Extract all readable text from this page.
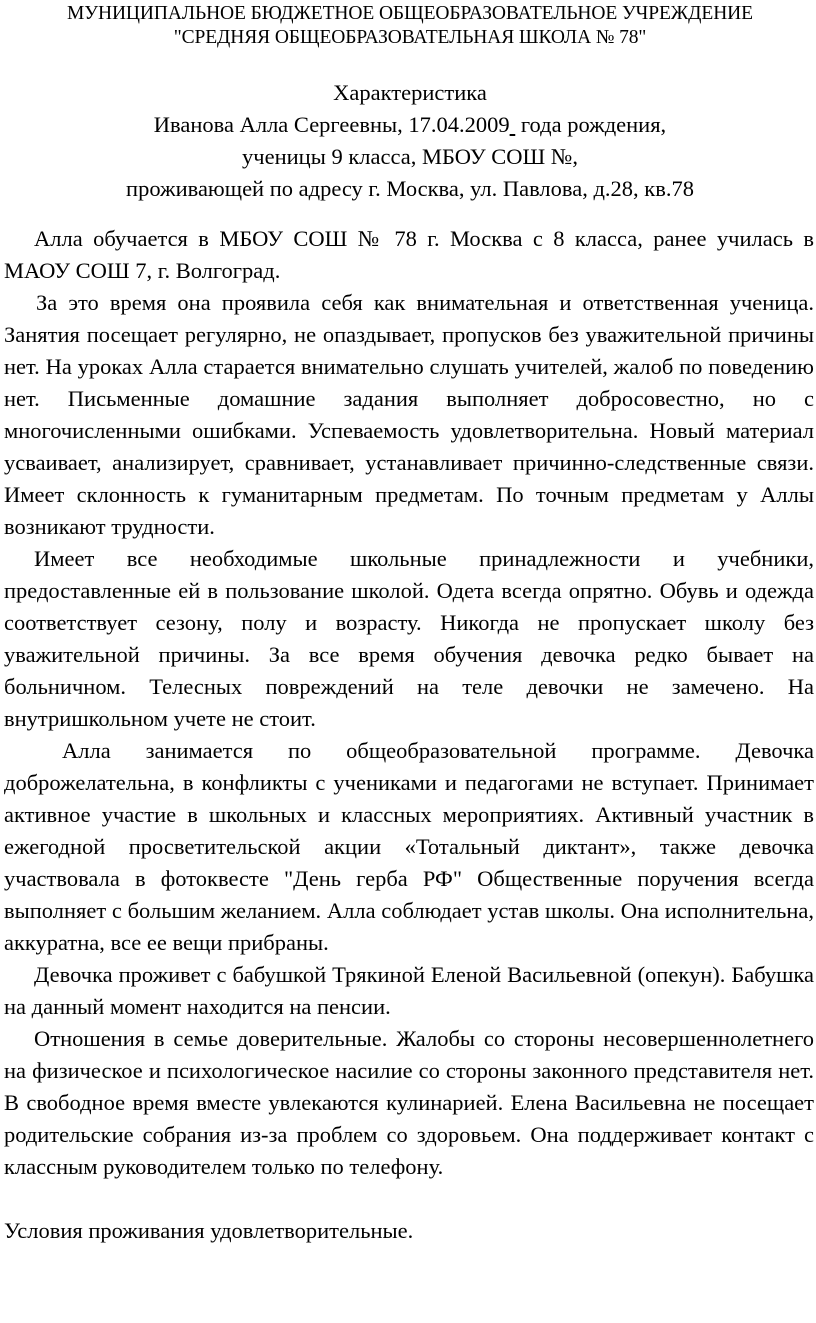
МУНИЦИПАЛЬНОЕ БЮДЖЕТНОЕ ОБЩЕОБРАЗОВАТЕЛЬНОЕ УЧРЕЖДЕНИЕ
"СРЕДНЯЯ ОБЩЕОБРАЗОВАТЕЛЬНАЯ ШКОЛА № 78"

Характеристика

Иванова Алла Сергеевны, 17.04.2009  года рождения,

ученицы 9 класса, МБОУ СОШ №,

проживающей по адресу г. Москва, ул. Павлова, д.28, кв.78

Алла обучается в МБОУ СОШ № 78 г. Москва с 8 класса, ранее училась в МАОУ СОШ 7, г. Волгоград.

За это время она проявила себя как внимательная и ответственная ученица. Занятия посещает регулярно, не опаздывает, пропусков без уважительной причины нет. На уроках Алла старается внимательно слушать учителей, жалоб по поведению нет. Письменные домашние задания выполняет добросовестно, но с многочисленными ошибками. Успеваемость удовлетворительна. Новый материал усваивает, анализирует, сравнивает, устанавливает причинно-следственные связи. Имеет склонность к гуманитарным предметам. По точным предметам у Аллы возникают трудности.

Имеет все необходимые школьные принадлежности и учебники, предоставленные ей в пользование школой. Одета всегда опрятно. Обувь и одежда соответствует сезону, полу и возрасту. Никогда не пропускает школу без уважительной причины. За все время обучения девочка редко бывает на больничном. Телесных повреждений на теле девочки не замечено. На внутришкольном учете не стоит.

Алла занимается по общеобразовательной программе. Девочка доброжелательна, в конфликты с учениками и педагогами не вступает. Принимает активное участие в школьных и классных мероприятиях. Активный участник в ежегодной просветительской акции «Тотальный диктант», также девочка участвовала в фотоквесте "День герба РФ" Общественные поручения всегда выполняет с большим желанием. Алла соблюдает устав школы. Она исполнительна, аккуратна, все ее вещи прибраны.

Девочка проживет с бабушкой Трякиной Еленой Васильевной (опекун). Бабушка на данный момент находится на пенсии.

Отношения в семье доверительные. Жалобы со стороны несовершеннолетнего на физическое и психологическое насилие со стороны законного представителя нет. В свободное время вместе увлекаются кулинарией. Елена Васильевна не посещает родительские собрания из-за проблем со здоровьем. Она поддерживает контакт с классным руководителем только по телефону.

Условия проживания удовлетворительные.
